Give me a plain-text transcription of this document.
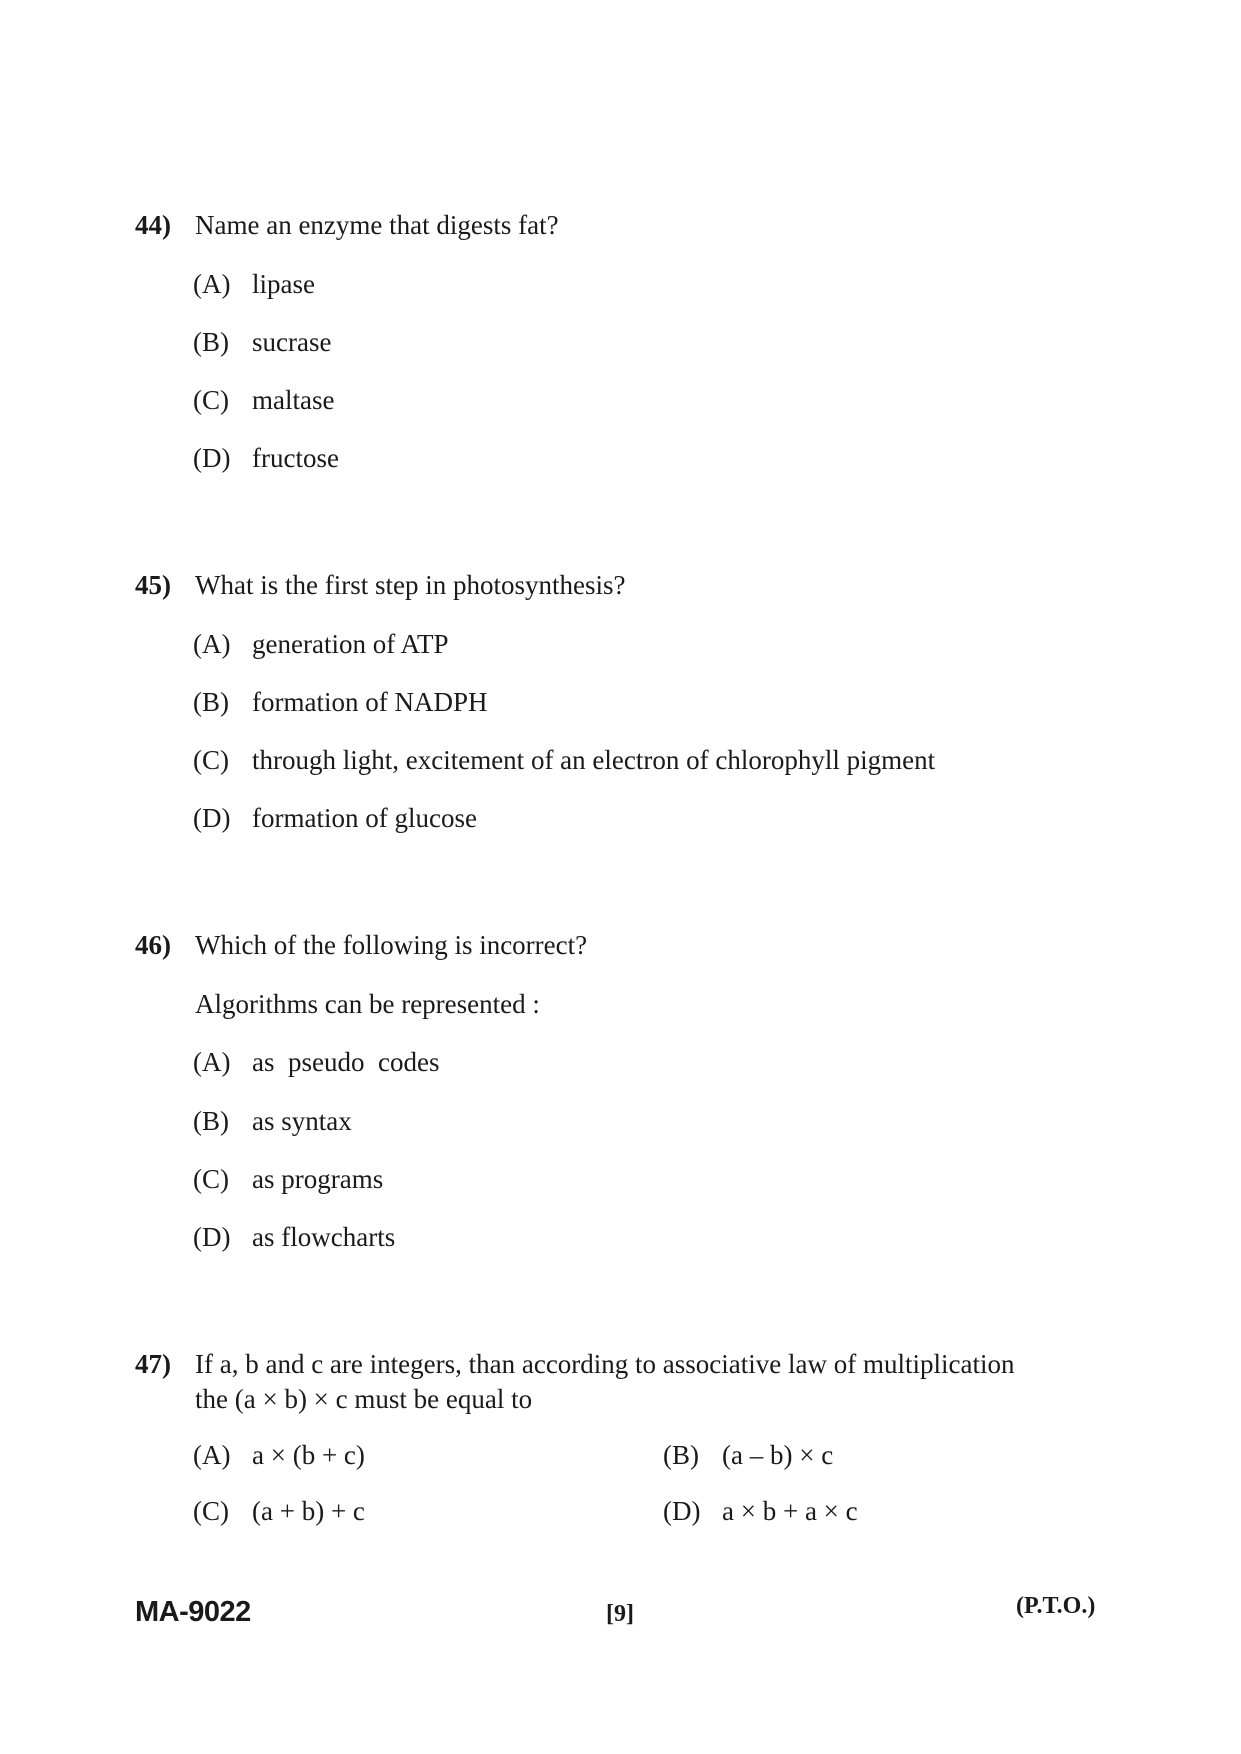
44) Name an enzyme that digests fat?
(A) lipase
(B) sucrase
(C) maltase
(D) fructose
45) What is the first step in photosynthesis?
(A) generation of ATP
(B) formation of NADPH
(C) through light, excitement of an electron of chlorophyll pigment
(D) formation of glucose
46) Which of the following is incorrect?
Algorithms can be represented :
(A) as  pseudo  codes
(B) as syntax
(C) as programs
(D) as flowcharts
47) If a, b and c are integers, than according to associative law of multiplication
the (a × b) × c must be equal to
(A) a × (b + c)	(B) (a – b) × c
(C) (a + b) + c	(D) a × b + a × c
MA-9022	[9]	(P.T.O.)
